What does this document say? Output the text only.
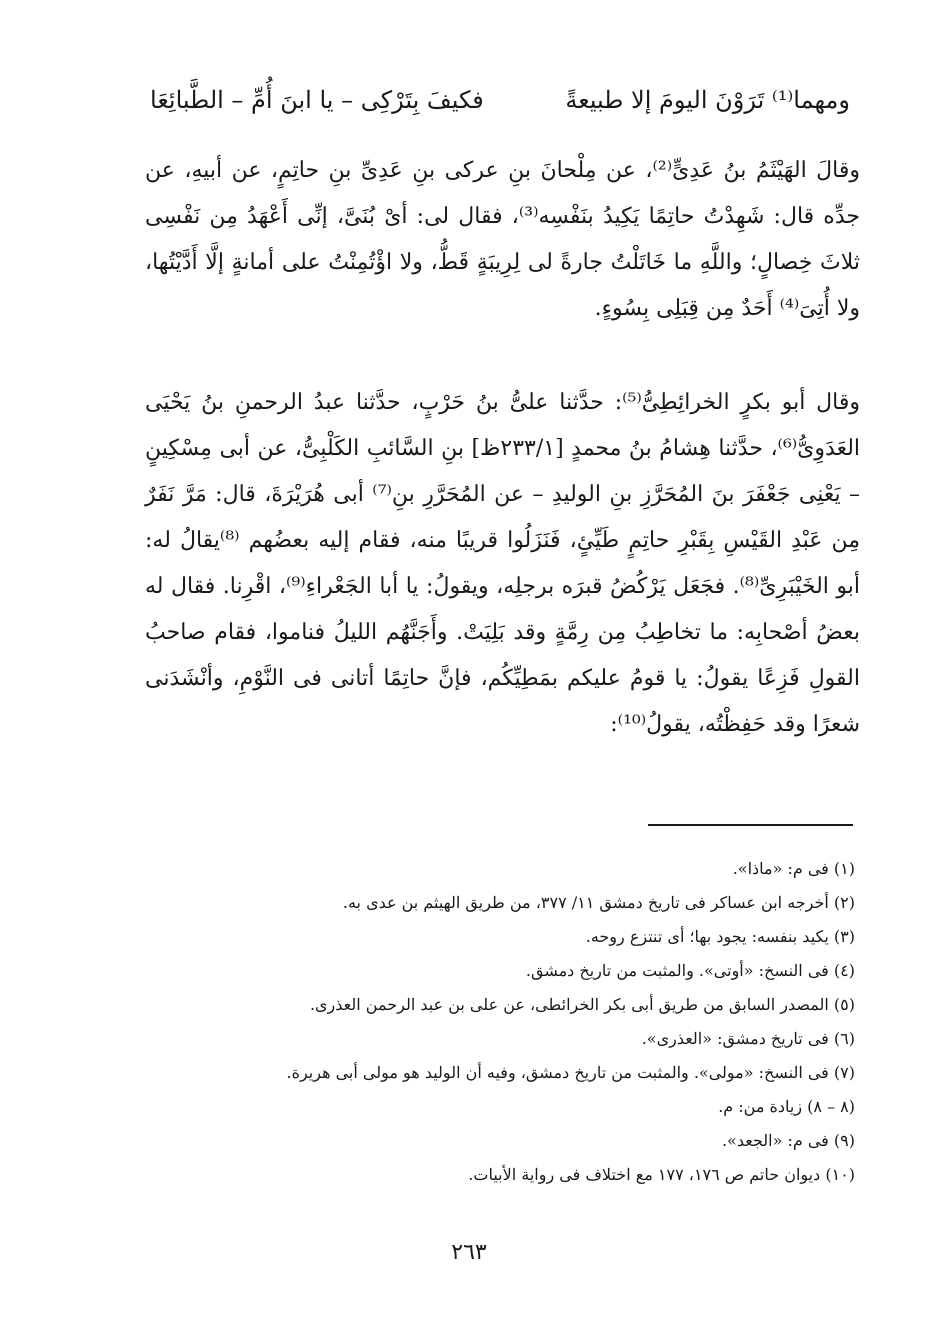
ومهما⁽¹⁾ تَرَوْنَ اليومَ إلا طبيعةً
فكيفَ بِتَرْكِى – يا ابنَ أُمِّ – الطَّبائِعَا

وقالَ الهَيْثَمُ بنُ عَدِىٍّ⁽²⁾، عن مِلْحانَ بنِ عركى بنِ عَدِىِّ بنِ حاتِمٍ، عن أبيهِ، عن جدِّه قال: شَهِدْتُ حاتِمًا يَكِيدُ بنَفْسِه⁽³⁾، فقال لى: أىْ بُنَىَّ، إنِّى أَعْهَدُ مِن نَفْسِى ثلاثَ خِصالٍ؛ واللَّهِ ما خَاتَلْتُ جارةً لى لِرِيبَةٍ قَطُّ، ولا اؤْتُمِنْتُ على أمانةٍ إلَّا أَدَّيْتُها، ولا أُتِىَ⁽⁴⁾ أَحَدٌ مِن قِبَلِى بِسُوءٍ.

وقال أبو بكرٍ الخرائِطِىُّ⁽⁵⁾: حدَّثنا علىُّ بنُ حَرْبٍ، حدَّثنا عبدُ الرحمنِ بنُ يَحْيَى العَدَوِىُّ⁽⁶⁾، حدَّثنا هِشامُ بنُ محمدٍ [٢٣٣/١ظ] بنِ السَّائبِ الكَلْبِىُّ، عن أبى مِسْكِينٍ – يَعْنِى جَعْفَرَ بنَ المُحَرَّزِ بنِ الوليدِ – عن المُحَرَّرِ بنِ⁽⁷⁾ أبى هُرَيْرَةَ، قال: مَرَّ نَفَرٌ مِن عَبْدِ القَيْسِ بِقَبْرِ حاتِمٍ طَيِّئٍ، فَنَزَلُوا قريبًا منه، فقام إليه بعضُهم ⁽⁸⁾يقالُ له: أبو الخَيْبَرِىِّ⁽⁸⁾. فجَعَل يَرْكُضُ قبرَه برجلِه، ويقولُ: يا أبا الجَعْراءِ⁽⁹⁾، اقْرِنا. فقال له بعضُ أصْحابِه: ما تخاطِبُ مِن رِمَّةٍ وقد بَلِيَتْ. وأَجَنَّهُم الليلُ فناموا، فقام صاحبُ القولِ فَزِعًا يقولُ: يا قومُ عليكم بمَطِيِّكُم، فإنَّ حاتِمًا أتانى فى النَّوْمِ، وأنْشَدَنى شعرًا وقد حَفِظْتُه، يقولُ⁽¹⁰⁾:

(١) فى م: «ماذا».
(٢) أخرجه ابن عساكر فى تاريخ دمشق ١١/ ٣٧٧، من طريق الهيثم بن عدى به.
(٣) يكيد بنفسه: يجود بها؛ أى تنتزع روحه.
(٤) فى النسخ: «أوتى». والمثبت من تاريخ دمشق.
(٥) المصدر السابق من طريق أبى بكر الخرائطى، عن على بن عبد الرحمن العذرى.
(٦) فى تاريخ دمشق: «العذرى».
(٧) فى النسخ: «مولى». والمثبت من تاريخ دمشق، وفيه أن الوليد هو مولى أبى هريرة.
(٨ – ٨) زيادة من: م.
(٩) فى م: «الجعد».
(١٠) ديوان حاتم ص ١٧٦، ١٧٧ مع اختلاف فى رواية الأبيات.
٢٦٣
